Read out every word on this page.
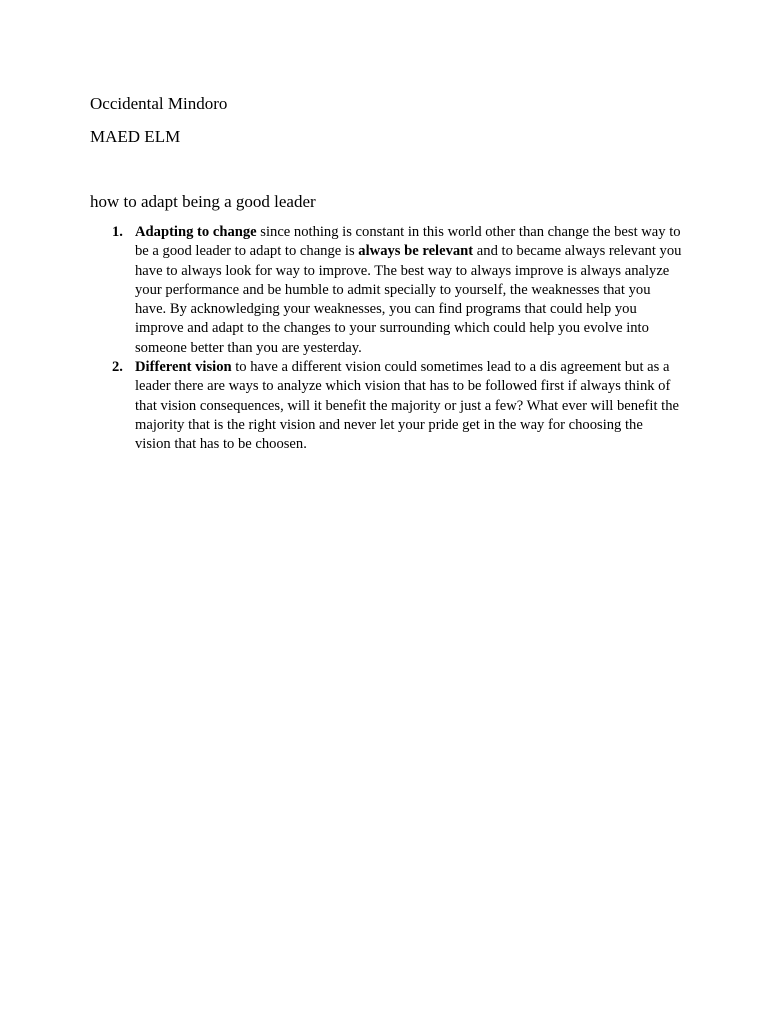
Occidental Mindoro
MAED ELM
how to adapt being a good leader
1. Adapting to change since nothing is constant in this world other than change the best way to be a good leader to adapt to change is always be relevant and to became always relevant you have to always look for way to improve. The best way to always improve is always analyze your performance and be humble to admit specially to yourself, the weaknesses that you have. By acknowledging your weaknesses, you can find programs that could help you improve and adapt to the changes to your surrounding which could help you evolve into someone better than you are yesterday.
2. Different vision to have a different vision could sometimes lead to a dis agreement but as a leader there are ways to analyze which vision that has to be followed first if always think of that vision consequences, will it benefit the majority or just a few? What ever will benefit the majority that is the right vision and never let your pride get in the way for choosing the vision that has to be choosen.
